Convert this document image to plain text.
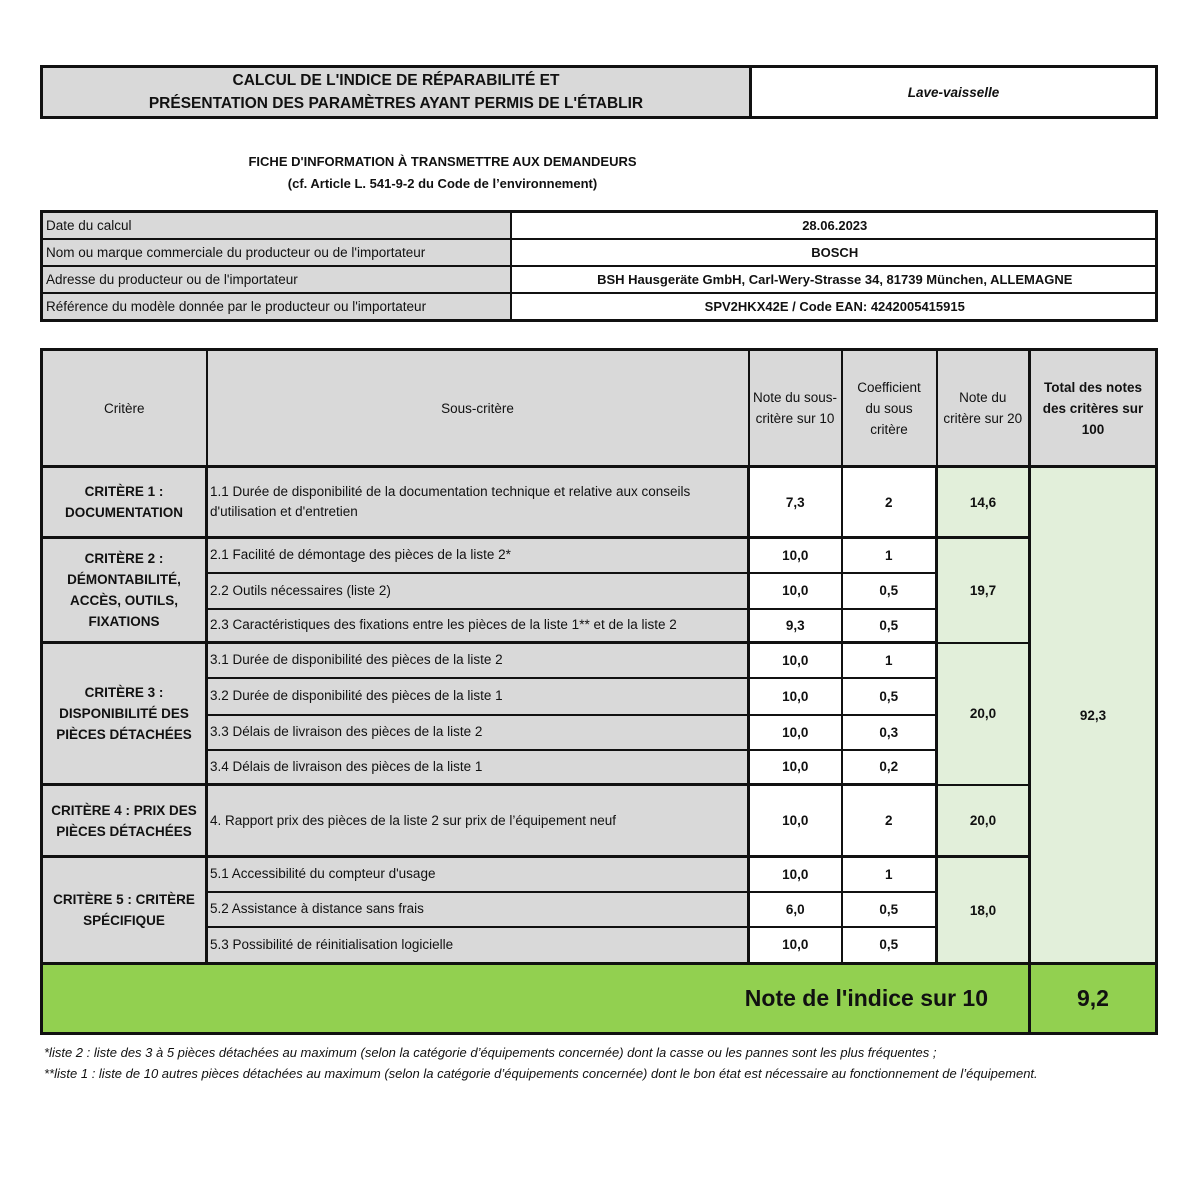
CALCUL DE L'INDICE DE RÉPARABILITÉ ET
PRÉSENTATION DES PARAMÈTRES AYANT PERMIS DE L'ÉTABLIR
Lave-vaisselle
FICHE D'INFORMATION À TRANSMETTRE AUX DEMANDEURS
(cf. Article L. 541-9-2 du Code de l’environnement)
Date du calcul	28.06.2023
Nom ou marque commerciale du producteur ou de l'importateur	BOSCH
Adresse du producteur ou de l'importateur	BSH Hausgeräte GmbH, Carl-Wery-Strasse 34, 81739 München, ALLEMAGNE
Référence du modèle donnée par le producteur ou l'importateur	SPV2HKX42E / Code EAN: 4242005415915
Critère	Sous-critère	Note du sous-critère sur 10	Coefficient du sous critère	Note du critère sur 20	Total des notes des critères sur 100
CRITÈRE 1 : DOCUMENTATION	1.1 Durée de disponibilité de la documentation technique et relative aux conseils d'utilisation et d'entretien	7,3	2	14,6	92,3
CRITÈRE 2 : DÉMONTABILITÉ, ACCÈS, OUTILS, FIXATIONS	2.1 Facilité de démontage des pièces de la liste 2*	10,0	1	19,7	
	2.2 Outils nécessaires (liste 2)	10,0	0,5		
	2.3 Caractéristiques des fixations entre les pièces de la liste 1** et de la liste 2	9,3	0,5		
CRITÈRE 3 : DISPONIBILITÉ DES PIÈCES DÉTACHÉES	3.1 Durée de disponibilité des pièces de la liste 2	10,0	1	20,0	
	3.2 Durée de disponibilité des pièces de la liste 1	10,0	0,5		
	3.3 Délais de livraison des pièces de la liste 2	10,0	0,3		
	3.4 Délais de livraison des pièces de la liste 1	10,0	0,2		
CRITÈRE 4 : PRIX DES PIÈCES DÉTACHÉES	4. Rapport prix des pièces de la liste 2 sur prix de l’équipement neuf	10,0	2	20,0	
CRITÈRE 5 : CRITÈRE SPÉCIFIQUE	5.1 Accessibilité du compteur d'usage	10,0	1	18,0	
	5.2 Assistance à distance sans frais	6,0	0,5		
	5.3 Possibilité de réinitialisation logicielle	10,0	0,5		
Note de l'indice sur 10					9,2
*liste 2 : liste des 3 à 5 pièces détachées au maximum (selon la catégorie d’équipements concernée) dont la casse ou les pannes sont les plus fréquentes ;
**liste 1 : liste de 10 autres pièces détachées au maximum (selon la catégorie d’équipements concernée) dont le bon état est nécessaire au fonctionnement de l’équipement.
